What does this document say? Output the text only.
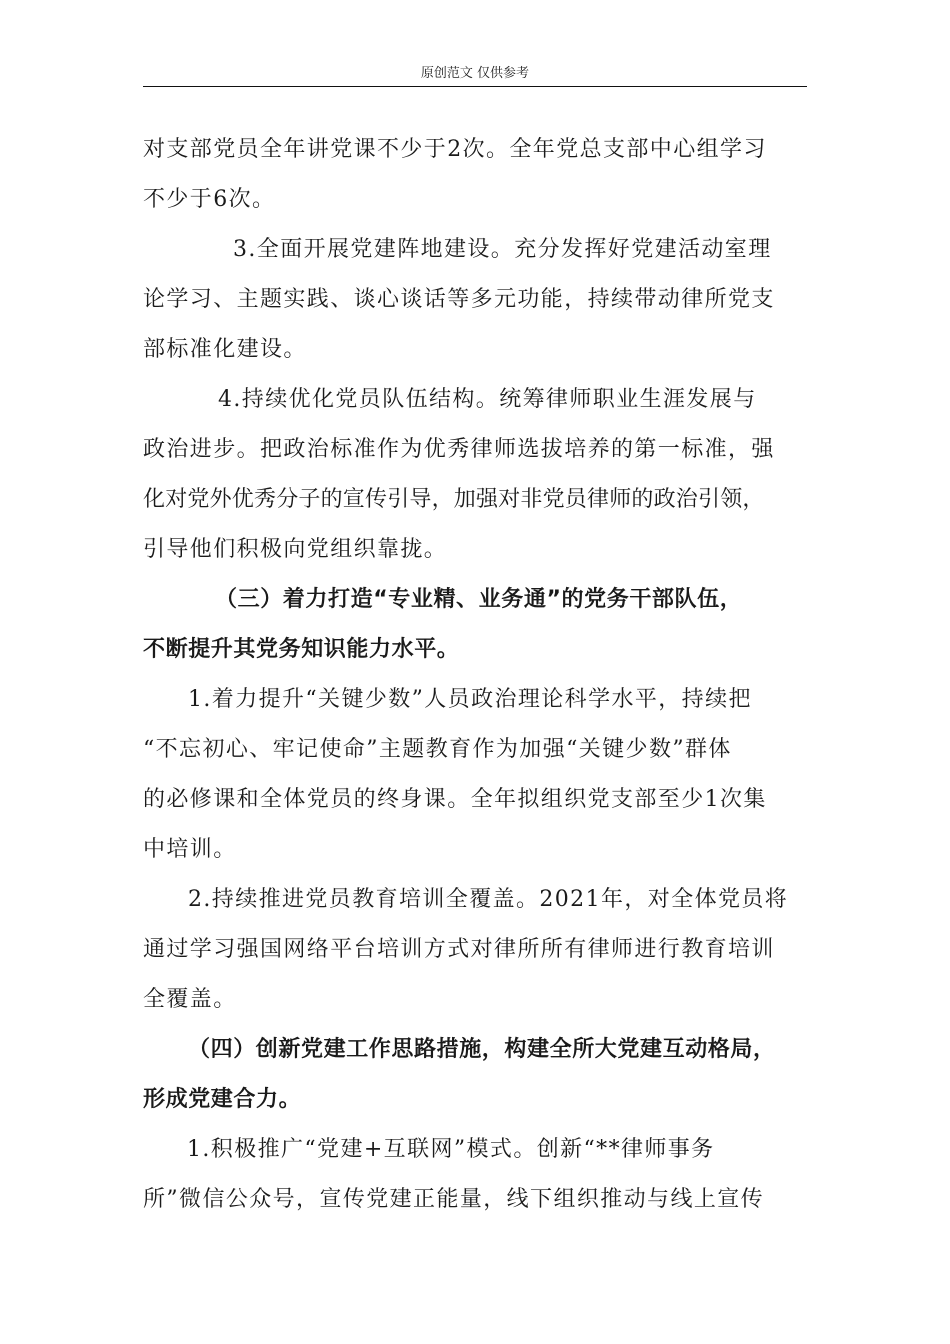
原创范文 仅供参考
对支部党员全年讲党课不少于2次。全年党总支部中心组学习
不少于6次。
3.全面开展党建阵地建设。充分发挥好党建活动室理
论学习、主题实践、谈心谈话等多元功能，持续带动律所党支
部标准化建设。
4.持续优化党员队伍结构。统筹律师职业生涯发展与
政治进步。把政治标准作为优秀律师选拔培养的第一标准，强
化对党外优秀分子的宣传引导，加强对非党员律师的政治引领，
引导他们积极向党组织靠拢。
（三）着力打造“专业精、业务通”的党务干部队伍，
不断提升其党务知识能力水平。
1.着力提升“关键少数”人员政治理论科学水平，持续把
“不忘初心、牢记使命”主题教育作为加强“关键少数”群体
的必修课和全体党员的终身课。全年拟组织党支部至少1次集
中培训。
2.持续推进党员教育培训全覆盖。2021年，对全体党员将
通过学习强国网络平台培训方式对律所所有律师进行教育培训
全覆盖。
（四）创新党建工作思路措施，构建全所大党建互动格局，
形成党建合力。
1.积极推广“党建+互联网”模式。创新“**律师事务
所”微信公众号，宣传党建正能量，线下组织推动与线上宣传
